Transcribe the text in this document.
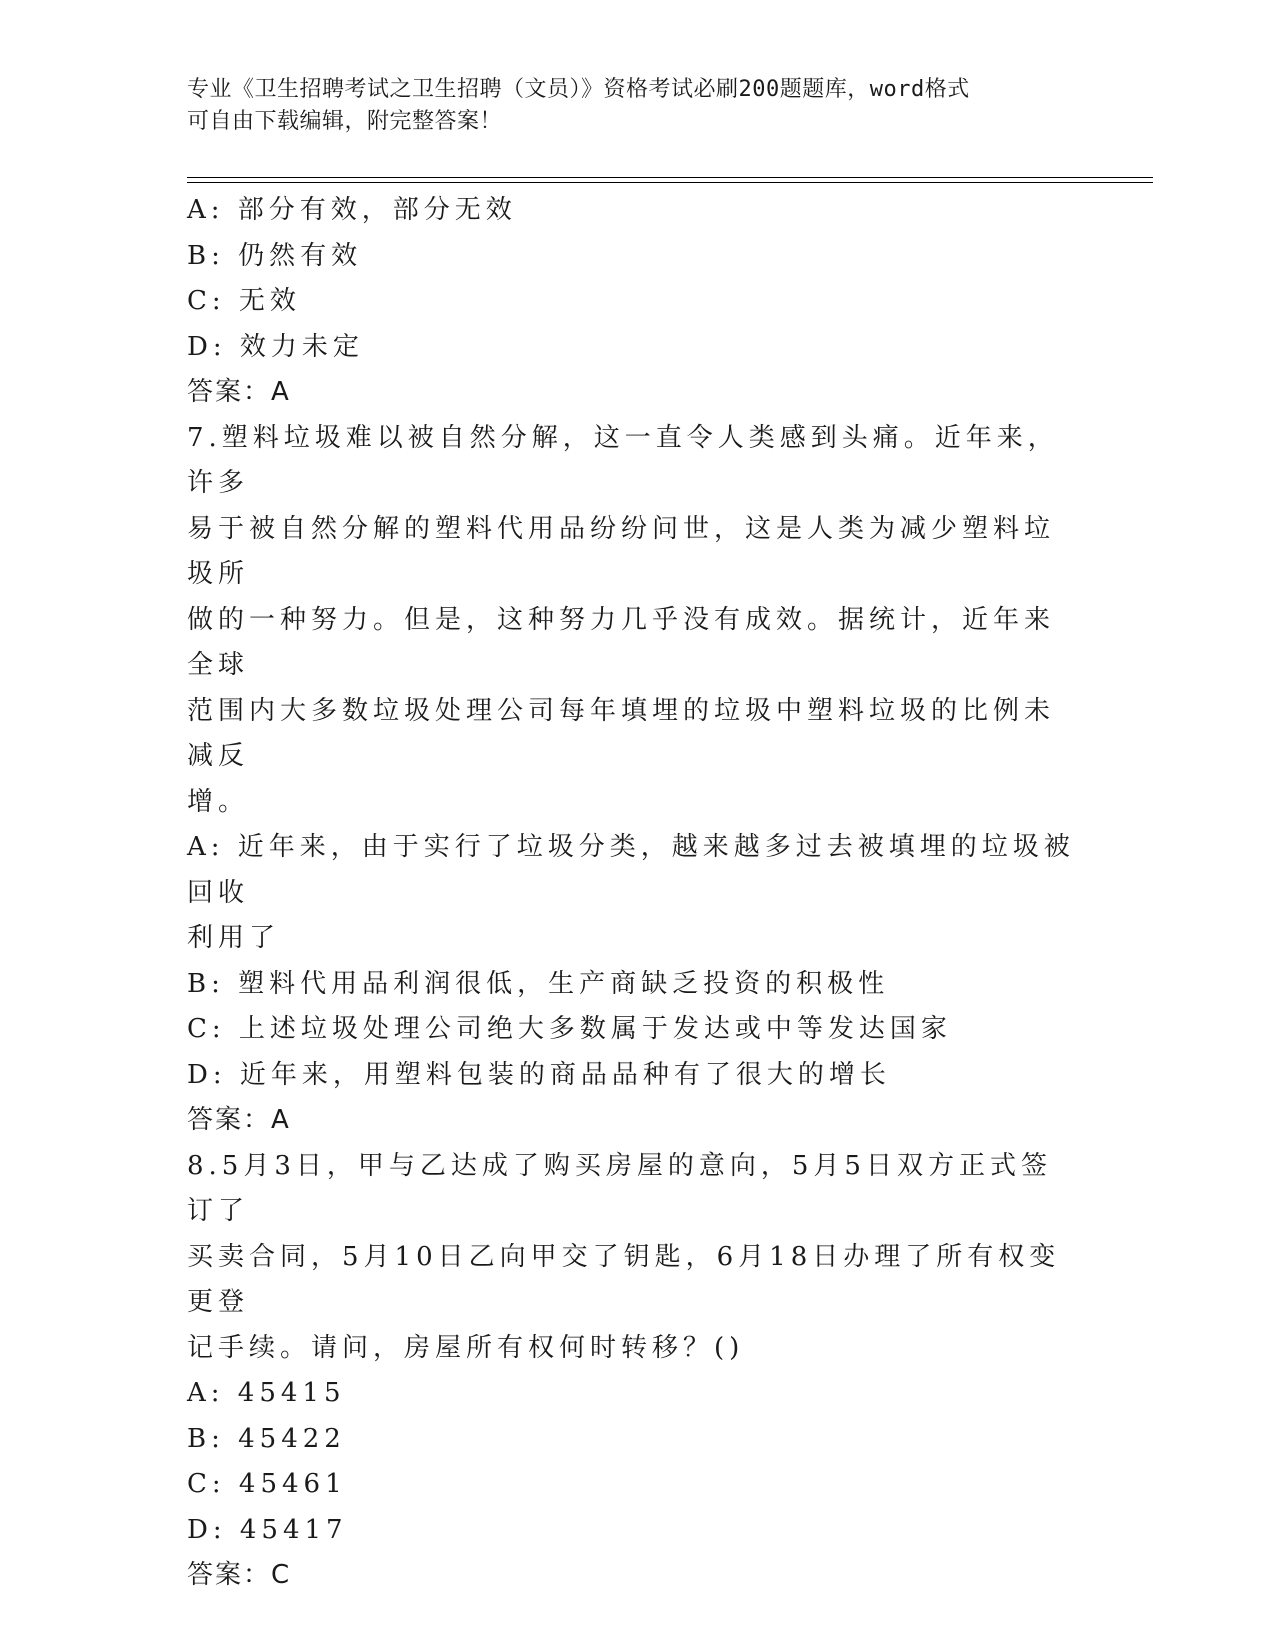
专业《卫生招聘考试之卫生招聘（文员）》资格考试必刷200题题库，word格式
可自由下载编辑，附完整答案！

A: 部分有效，部分无效

B: 仍然有效

C: 无效

D: 效力未定

答案：A

7.塑料垃圾难以被自然分解，这一直令人类感到头痛。近年来，许多

易于被自然分解的塑料代用品纷纷问世，这是人类为减少塑料垃圾所

做的一种努力。但是，这种努力几乎没有成效。据统计，近年来全球

范围内大多数垃圾处理公司每年填埋的垃圾中塑料垃圾的比例未减反

增。

A: 近年来，由于实行了垃圾分类，越来越多过去被填埋的垃圾被回收

利用了

B: 塑料代用品利润很低，生产商缺乏投资的积极性

C: 上述垃圾处理公司绝大多数属于发达或中等发达国家

D: 近年来，用塑料包装的商品品种有了很大的增长

答案：A

8.5月3日，甲与乙达成了购买房屋的意向，5月5日双方正式签订了

买卖合同，5月10日乙向甲交了钥匙，6月18日办理了所有权变更登

记手续。请问，房屋所有权何时转移？()

A: 45415

B: 45422

C: 45461

D: 45417

答案：C
